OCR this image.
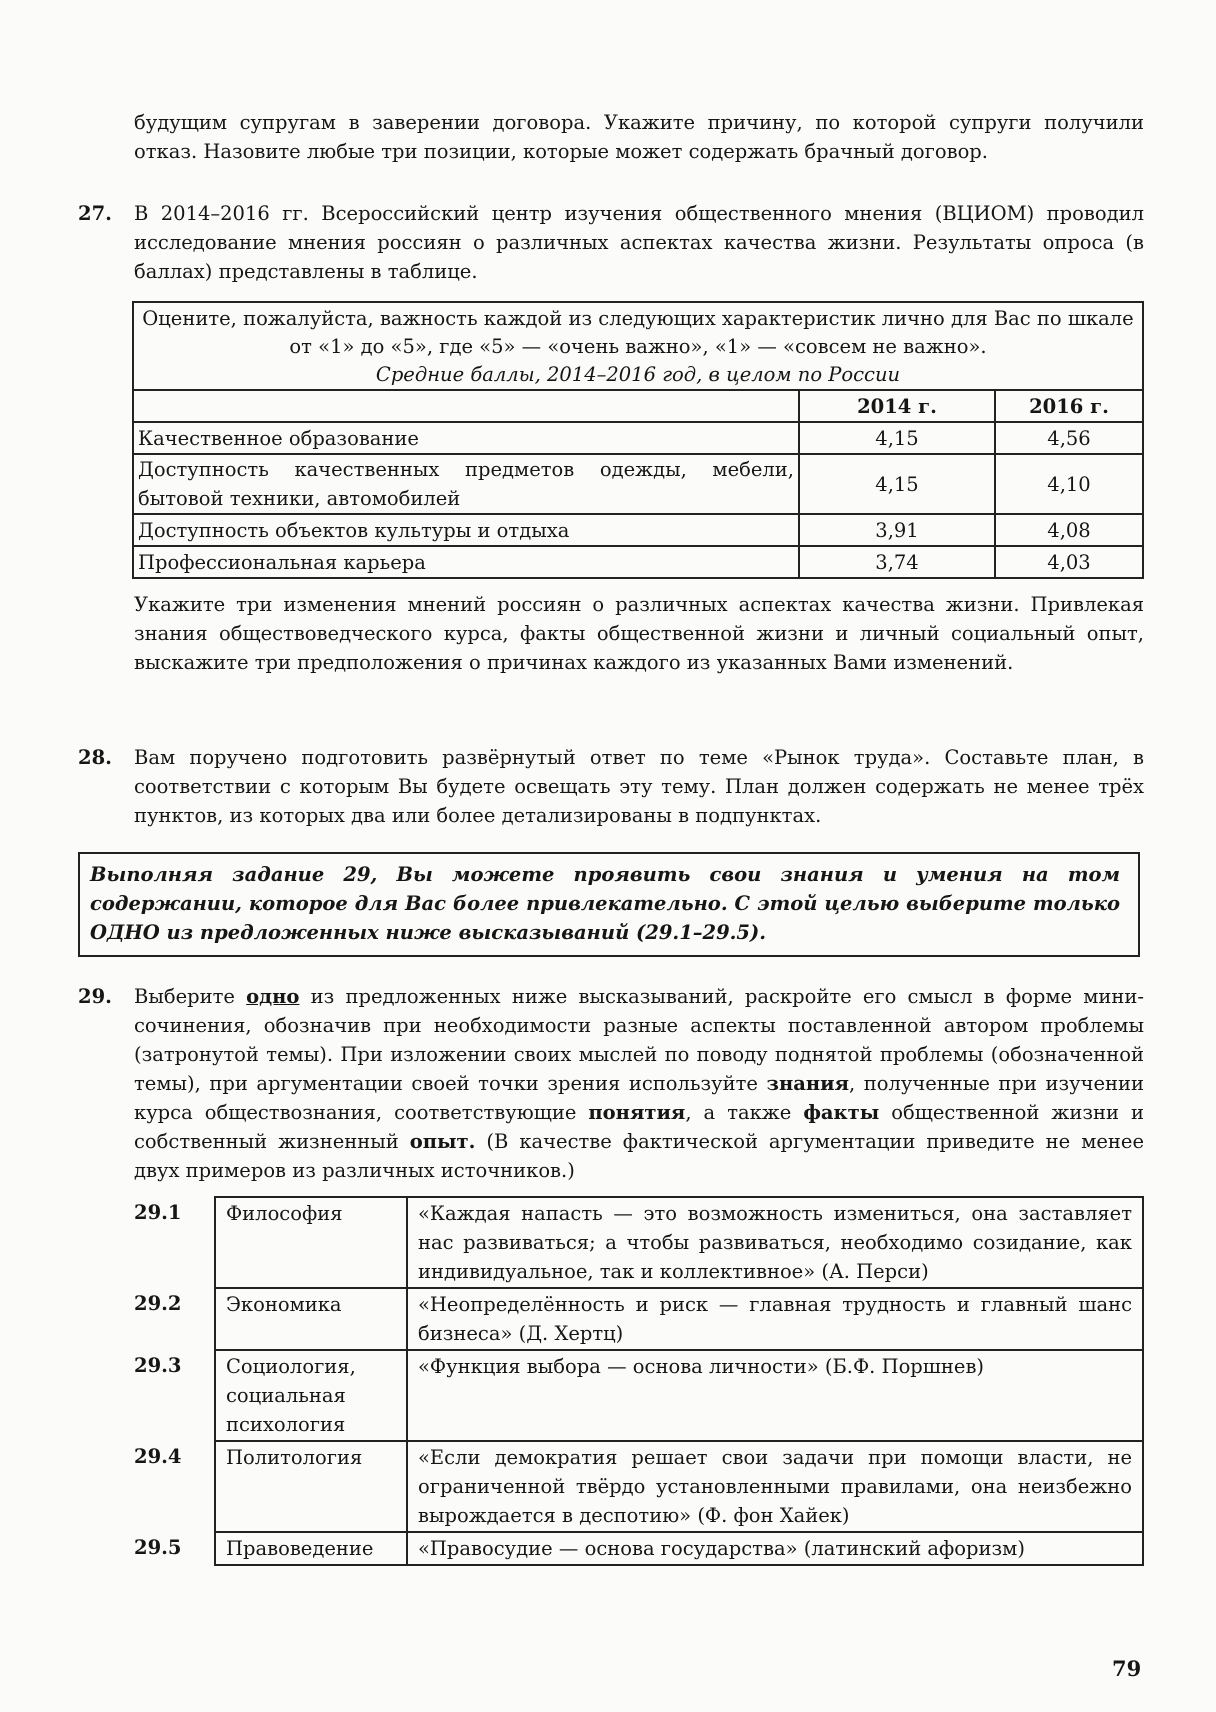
будущим супругам в заверении договора. Укажите причину, по которой супруги получили отказ. Назовите любые три позиции, которые может содержать брачный договор.
27. В 2014–2016 гг. Всероссийский центр изучения общественного мнения (ВЦИОМ) проводил исследование мнения россиян о различных аспектах качества жизни. Результаты опроса (в баллах) представлены в таблице.
Оцените, пожалуйста, важность каждой из следующих характеристик лично для Вас по шкале от «1» до «5», где «5» — «очень важно», «1» — «совсем не важно».
Средние баллы, 2014–2016 год, в целом по России		

	2014 г.	2016 г.
Качественное образование	4,15	4,56
Доступность качественных предметов одежды, мебели, бытовой техники, автомобилей	4,15	4,10
Доступность объектов культуры и отдыха	3,91	4,08
Профессиональная карьера	3,74	4,03
Укажите три изменения мнений россиян о различных аспектах качества жизни. Привлекая знания обществоведческого курса, факты общественной жизни и личный социальный опыт, выскажите три предположения о причинах каждого из указанных Вами изменений.
28. Вам поручено подготовить развёрнутый ответ по теме «Рынок труда». Составьте план, в соответствии с которым Вы будете освещать эту тему. План должен содержать не менее трёх пунктов, из которых два или более детализированы в подпунктах.
Выполняя задание 29, Вы можете проявить свои знания и умения на том содержании, которое для Вас более привлекательно. С этой целью выберите только ОДНО из предложенных ниже высказываний (29.1–29.5).
29. Выберите одно из предложенных ниже высказываний, раскройте его смысл в форме мини-сочинения, обозначив при необходимости разные аспекты поставленной автором проблемы (затронутой темы). При изложении своих мыслей по поводу поднятой проблемы (обозначенной темы), при аргументации своей точки зрения используйте знания, полученные при изучении курса обществознания, соответствующие понятия, а также факты общественной жизни и собственный жизненный опыт. (В качестве фактической аргументации приведите не менее двух примеров из различных источников.)
29.1	Философия	«Каждая напасть — это возможность измениться, она заставляет нас развиваться; а чтобы развиваться, необходимо созидание, как индивидуальное, так и коллективное» (А. Перси)
29.2	Экономика	«Неопределённость и риск — главная трудность и главный шанс бизнеса» (Д. Хертц)
29.3	Социология, социальная психология	«Функция выбора — основа личности» (Б.Ф. Поршнев)
29.4	Политология	«Если демократия решает свои задачи при помощи власти, не ограниченной твёрдо установленными правилами, она неизбежно вырождается в деспотию» (Ф. фон Хайек)
29.5	Правоведение	«Правосудие — основа государства» (латинский афоризм)
79
